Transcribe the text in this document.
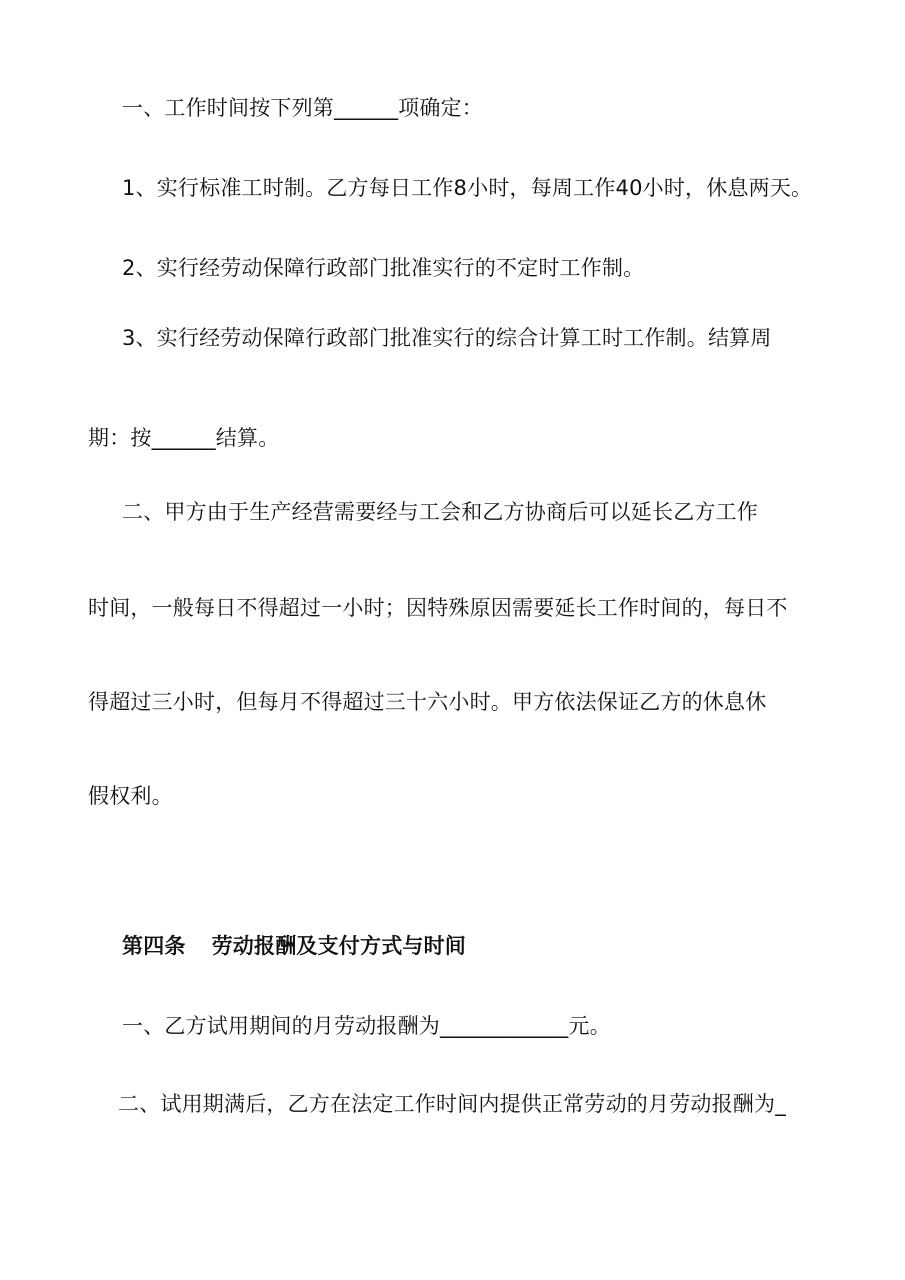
一、工作时间按下列第______项确定：

1、实行标准工时制。乙方每日工作8小时，每周工作40小时，休息两天。

2、实行经劳动保障行政部门批准实行的不定时工作制。

3、实行经劳动保障行政部门批准实行的综合计算工时工作制。结算周

期：按______结算。

二、甲方由于生产经营需要经与工会和乙方协商后可以延长乙方工作

时间，一般每日不得超过一小时；因特殊原因需要延长工作时间的，每日不

得超过三小时，但每月不得超过三十六小时。甲方依法保证乙方的休息休

假权利。

第四条 劳动报酬及支付方式与时间

一、乙方试用期间的月劳动报酬为____________元。

二、试用期满后，乙方在法定工作时间内提供正常劳动的月劳动报酬为_
